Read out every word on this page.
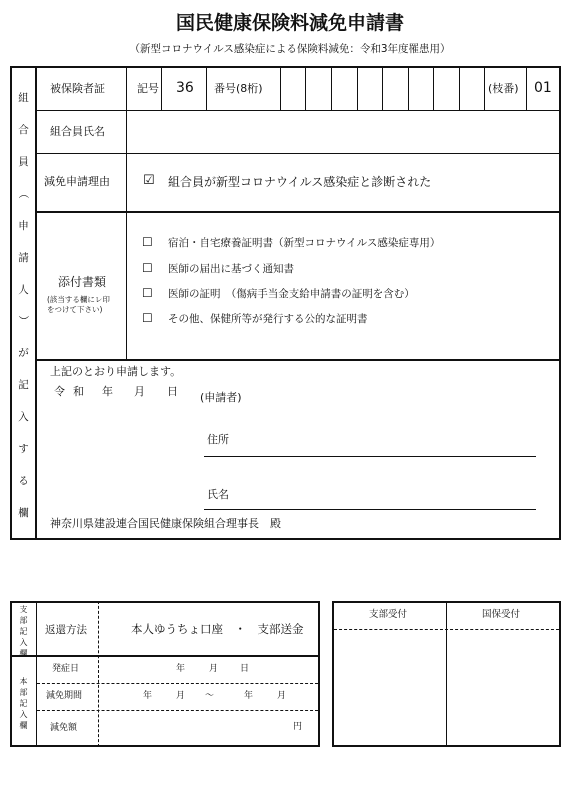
国民健康保険料減免申請書
（新型コロナウイルス感染症による保険料減免：令和3年度罹患用）
組
合
員
（
申
請
人
）
が
記
入
す
る
欄
被保険者証	記号 36 番号(8桁)	(枝番) 01
組合員氏名
減免申請理由	☑ 組合員が新型コロナウイルス感染症と診断された
添付書類
(該当する欄にレ印
をつけて下さい)
☐ 宿泊・自宅療養証明書（新型コロナウイルス感染症専用）
☐ 医師の届出に基づく通知書
☐ 医師の証明　（傷病手当金支給申請書の証明を含む）
☐ その他、保健所等が発行する公的な証明書
上記のとおり申請します。
令 和 年 月 日 (申請者)
住所
氏名
神奈川県建設連合国民健康保険組合理事長　殿
支
部
記
入
欄
本
部
記
入
欄
返還方法	本人ゆうちょ口座　・　支部送金
発症日	年	月 日
減免期間	年	月 ～	年	月
減免額	円
支部受付	国保受付
